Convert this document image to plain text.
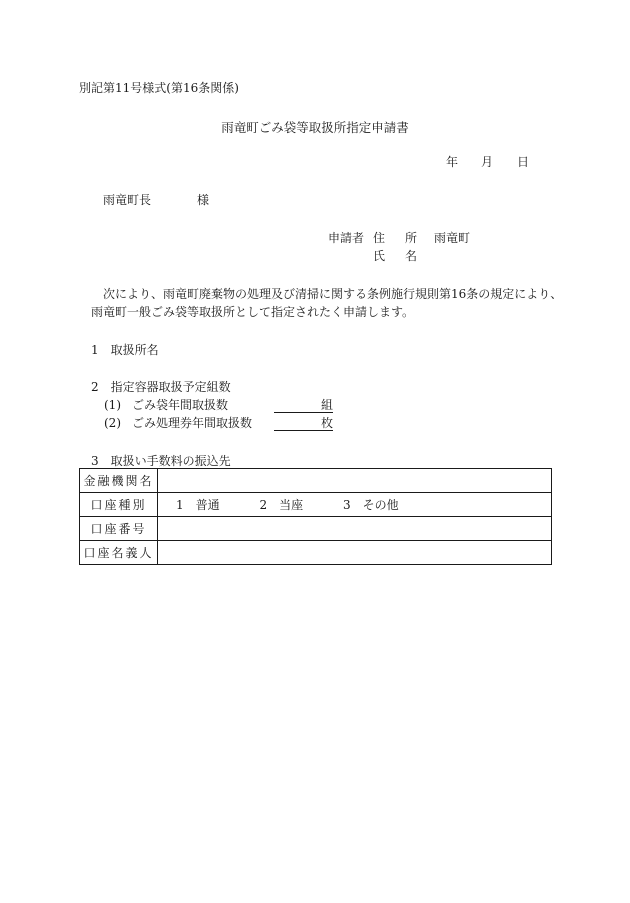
別記第11号様式(第16条関係)
雨竜町ごみ袋等取扱所指定申請書
年 月 日
雨竜町長	様
申請者 住所
雨竜町
氏名
次により、雨竜町廃棄物の処理及び清掃に関する条例施行規則第16条の規定により、
雨竜町一般ごみ袋等取扱所として指定されたく申請します。
1　取扱所名
2　指定容器取扱予定組数
(1) ごみ袋年間取扱数	組
(2) ごみ処理券年間取扱数	枚
3　取扱い手数料の振込先
金融機関名	
口座種別	1 普通 2 当座 3 その他
口座番号	
口座名義人	
